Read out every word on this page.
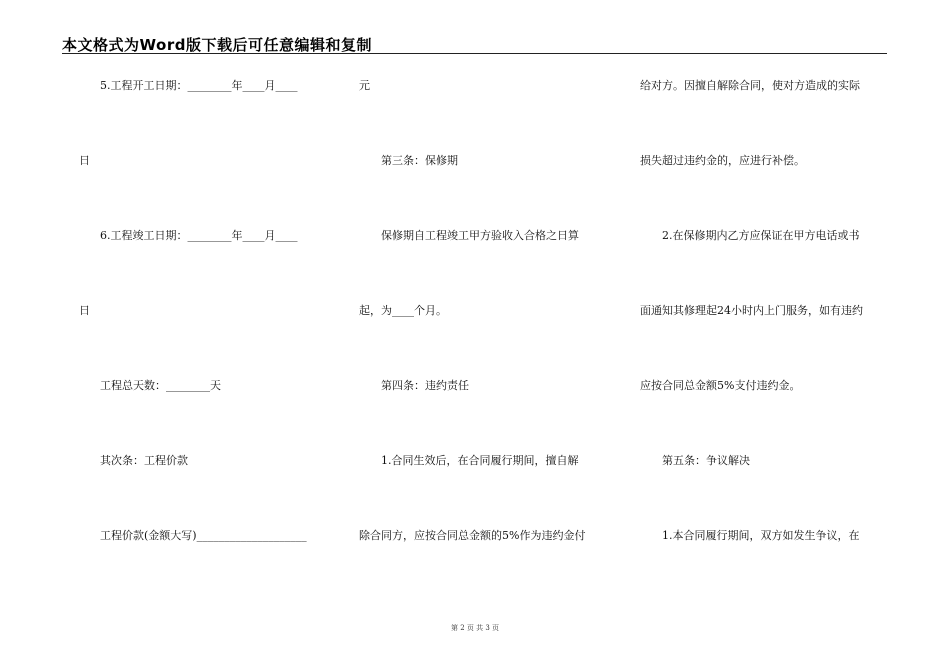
本文格式为Word版下载后可任意编辑和复制
5.工程开工日期：________年____月____
日
6.工程竣工日期：________年____月____
日
工程总天数：________天
其次条：工程价款
工程价款(金额大写)____________________
元
第三条：保修期
保修期自工程竣工甲方验收入合格之日算
起，为____个月。
第四条：违约责任
1.合同生效后，在合同履行期间，擅自解
除合同方，应按合同总金额的5%作为违约金付
给对方。因擅自解除合同，使对方造成的实际
损失超过违约金的，应进行补偿。
2.在保修期内乙方应保证在甲方电话或书
面通知其修理起24小时内上门服务，如有违约
应按合同总金额5%支付违约金。
第五条：争议解决
1.本合同履行期间，双方如发生争议，在
第 2 页 共 3 页
